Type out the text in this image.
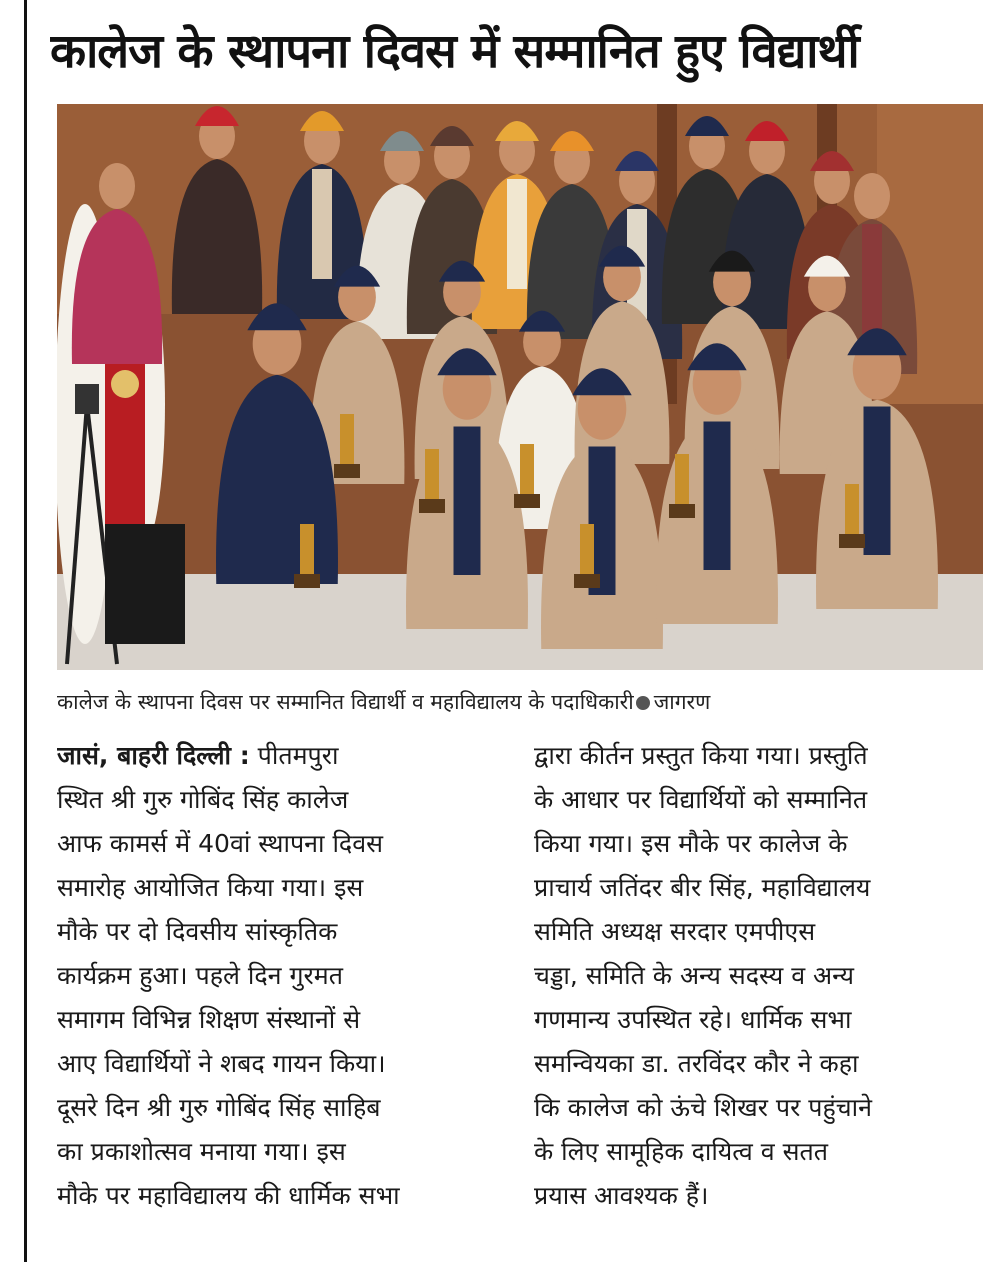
कालेज के स्थापना दिवस में सम्मानित हुए विद्यार्थी
कालेज के स्थापना दिवस पर सम्मानित विद्यार्थी व महाविद्यालय के पदाधिकारी जागरण
जासं, बाहरी दिल्ली : पीतमपुरा
स्थित श्री गुरु गोबिंद सिंह कालेज
आफ कामर्स में 40वां स्थापना दिवस
समारोह आयोजित किया गया। इस
मौके पर दो दिवसीय सांस्कृतिक
कार्यक्रम हुआ। पहले दिन गुरमत
समागम विभिन्न शिक्षण संस्थानों से
आए विद्यार्थियों ने शबद गायन किया।
दूसरे दिन श्री गुरु गोबिंद सिंह साहिब
का प्रकाशोत्सव मनाया गया। इस
मौके पर महाविद्यालय की धार्मिक सभा
द्वारा कीर्तन प्रस्तुत किया गया। प्रस्तुति
के आधार पर विद्यार्थियों को सम्मानित
किया गया। इस मौके पर कालेज के
प्राचार्य जतिंदर बीर सिंह, महाविद्यालय
समिति अध्यक्ष सरदार एमपीएस
चड्डा, समिति के अन्य सदस्य व अन्य
गणमान्य उपस्थित रहे। धार्मिक सभा
समन्वियका डा. तरविंदर कौर ने कहा
कि कालेज को ऊंचे शिखर पर पहुंचाने
के लिए सामूहिक दायित्व व सतत
प्रयास आवश्यक हैं।
